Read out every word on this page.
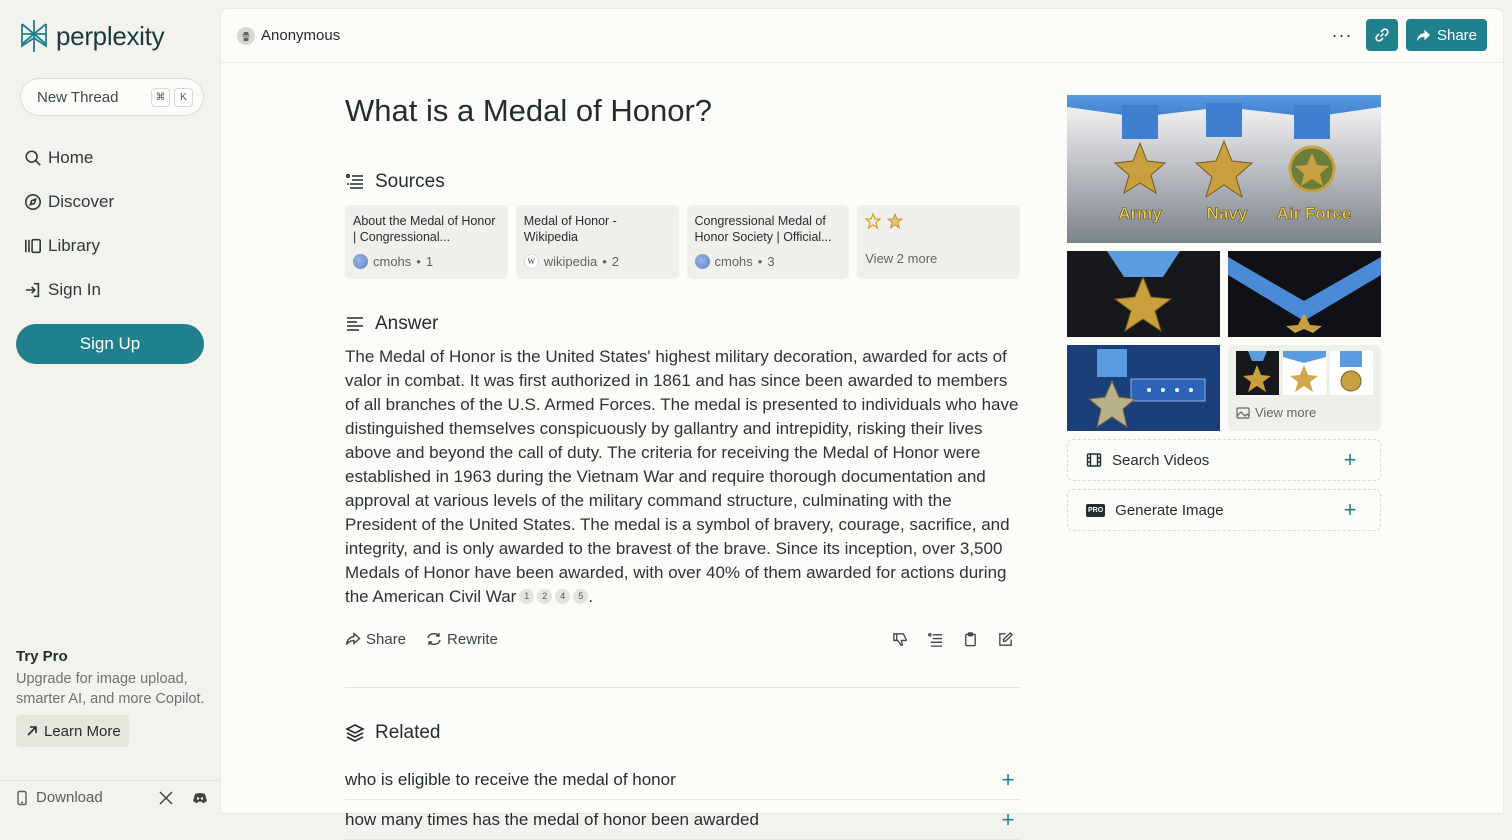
perplexity
New Thread	⌘	K
Home
Discover
Library
Sign In
Sign Up
Try Pro
Upgrade for image upload, smarter AI, and more Copilot.
Learn More
Download
Anonymous	···	Share
What is a Medal of Honor?
Sources
About the Medal of Honor | Congressional...
cmohs • 1
Medal of Honor - Wikipedia
W wikipedia • 2
Congressional Medal of Honor Society | Official...
cmohs • 3	View 2 more
Answer

The Medal of Honor is the United States' highest military decoration, awarded for acts of valor in combat. It was first authorized in 1861 and has since been awarded to members of all branches of the U.S. Armed Forces. The medal is presented to individuals who have distinguished themselves conspicuously by gallantry and intrepidity, risking their lives above and beyond the call of duty. The criteria for receiving the Medal of Honor were established in 1963 during the Vietnam War and require thorough documentation and approval at various levels of the military command structure, culminating with the President of the United States. The medal is a symbol of bravery, courage, sacrifice, and integrity, and is only awarded to the bravest of the brave. Since its inception, over 3,500 Medals of Honor have been awarded, with over 40% of them awarded for actions during the American Civil War 1 2 4 5 .

Share	Rewrite
Related
who is eligible to receive the medal of honor	+
how many times has the medal of honor been awarded	+
Army	Navy Air Force
View more
Search Videos	+
PRO Generate Image	+
